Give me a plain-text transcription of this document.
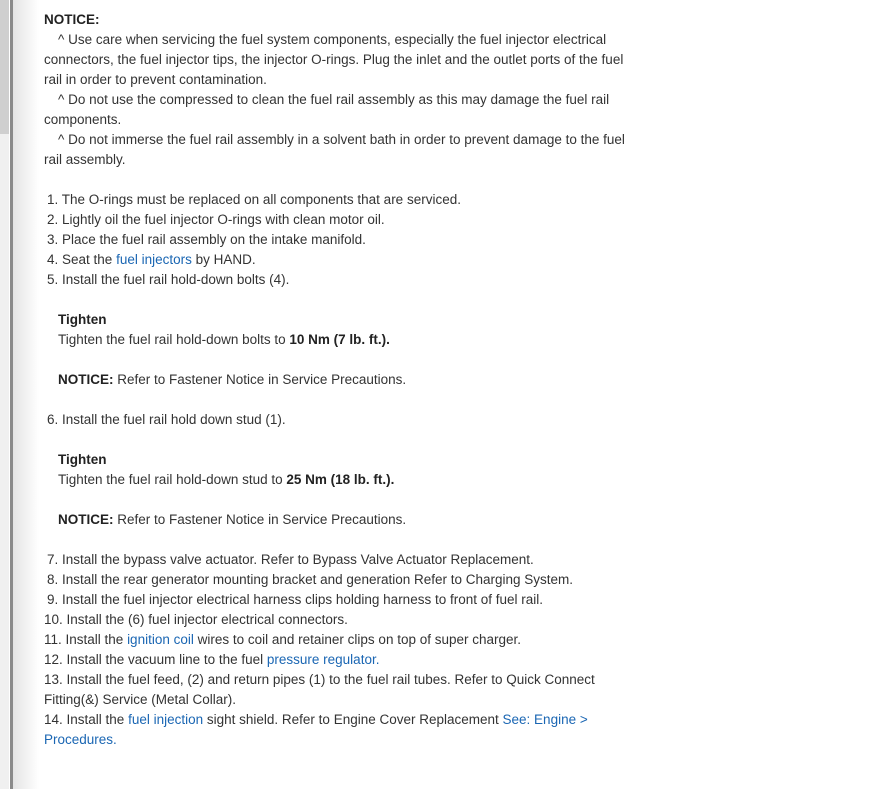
NOTICE:
^ Use care when servicing the fuel system components, especially the fuel injector electrical
connectors, the fuel injector tips, the injector O-rings. Plug the inlet and the outlet ports of the fuel
rail in order to prevent contamination.
^ Do not use the compressed to clean the fuel rail assembly as this may damage the fuel rail
components.
^ Do not immerse the fuel rail assembly in a solvent bath in order to prevent damage to the fuel
rail assembly.
1. The O-rings must be replaced on all components that are serviced.
2. Lightly oil the fuel injector O-rings with clean motor oil.
3. Place the fuel rail assembly on the intake manifold.
4. Seat the fuel injectors by HAND.
5. Install the fuel rail hold-down bolts (4).
Tighten
Tighten the fuel rail hold-down bolts to 10 Nm (7 lb. ft.).
NOTICE: Refer to Fastener Notice in Service Precautions.
6. Install the fuel rail hold down stud (1).
Tighten
Tighten the fuel rail hold-down stud to 25 Nm (18 lb. ft.).
NOTICE: Refer to Fastener Notice in Service Precautions.
7. Install the bypass valve actuator. Refer to Bypass Valve Actuator Replacement.
8. Install the rear generator mounting bracket and generation Refer to Charging System.
9. Install the fuel injector electrical harness clips holding harness to front of fuel rail.
10. Install the (6) fuel injector electrical connectors.
11. Install the ignition coil wires to coil and retainer clips on top of super charger.
12. Install the vacuum line to the fuel pressure regulator.
13. Install the fuel feed, (2) and return pipes (1) to the fuel rail tubes. Refer to Quick Connect
Fitting(&) Service (Metal Collar).
14. Install the fuel injection sight shield. Refer to Engine Cover Replacement See: Engine >
Procedures.
